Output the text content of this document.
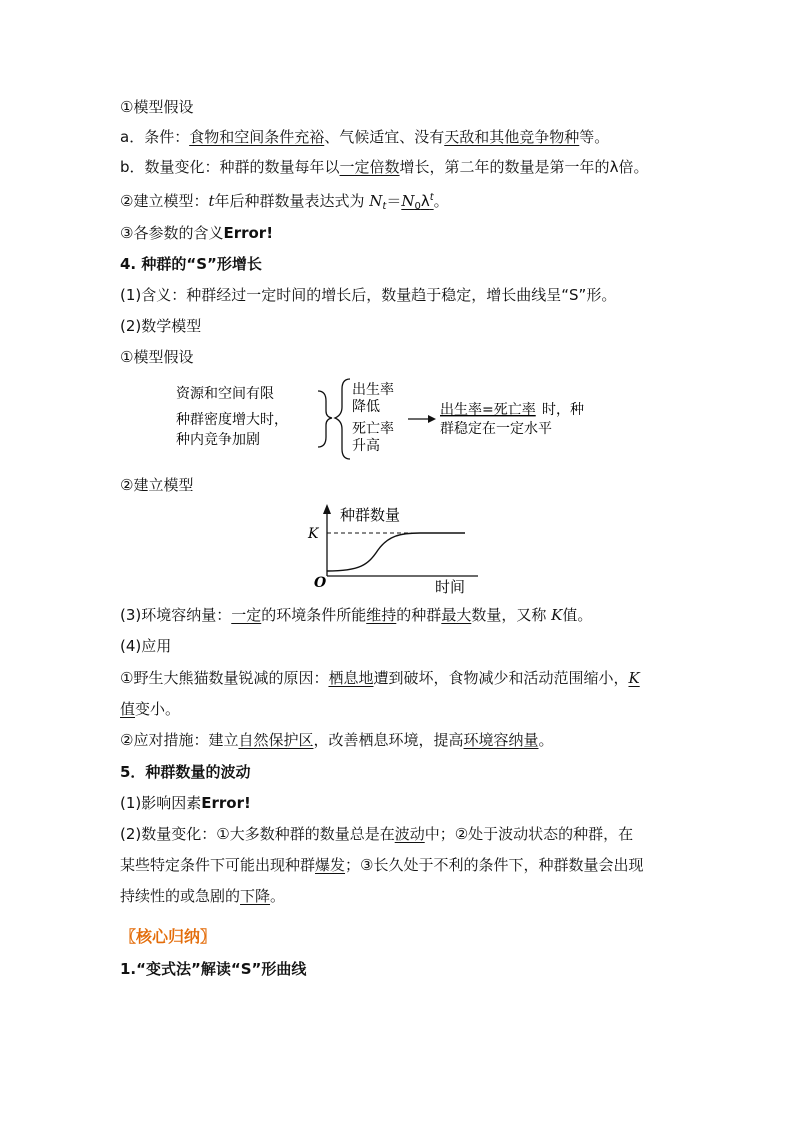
①模型假设
a．条件：食物和空间条件充裕、气候适宜、没有天敌和其他竞争物种等。
b．数量变化：种群的数量每年以一定倍数增长，第二年的数量是第一年的λ倍。
②建立模型：t年后种群数量表达式为 $N_t=N_0\lambda^t$。
③各参数的含义Error!
4. 种群的“S”形增长
(1)含义：种群经过一定时间的增长后，数量趋于稳定，增长曲线呈“S”形。
(2)数学模型
①模型假设
资源和空间有限
种群密度增大时，
种内竞争加剧
出生率
降低
死亡率
升高
出生率=死亡率 时，种
群稳定在一定水平
②建立模型
种群数量
K
O	时间
(3)环境容纳量：一定的环境条件所能维持的种群最大数量，又称 K值。
(4)应用
①野生大熊猫数量锐减的原因：栖息地遭到破坏，食物减少和活动范围缩小，K
值变小。
②应对措施：建立自然保护区，改善栖息环境，提高环境容纳量。
5．种群数量的波动
(1)影响因素Error!
(2)数量变化：①大多数种群的数量总是在波动中；②处于波动状态的种群，在
某些特定条件下可能出现种群爆发；③长久处于不利的条件下，种群数量会出现
持续性的或急剧的下降。
〖核心归纳〗
1.“变式法”解读“S”形曲线
